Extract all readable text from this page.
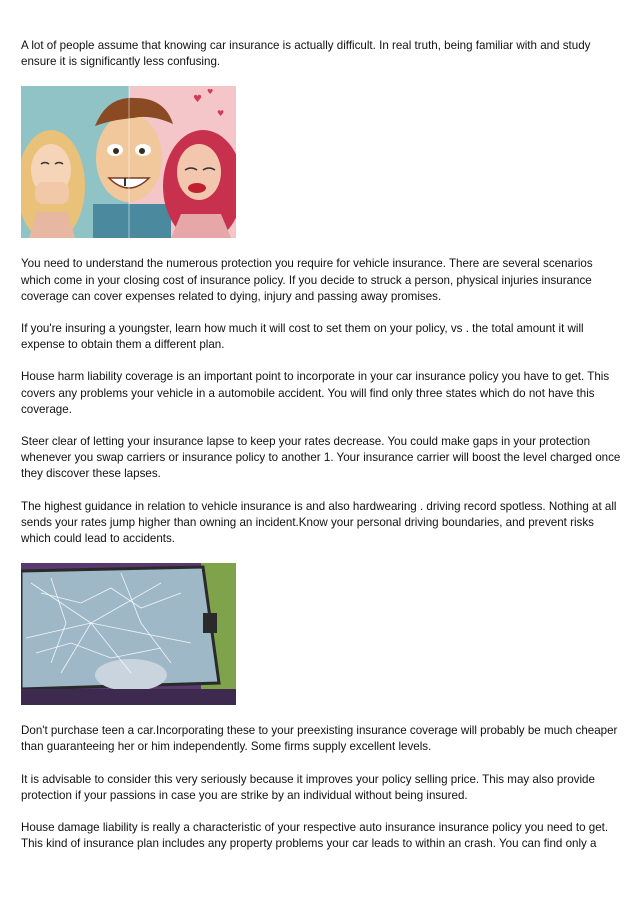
A lot of people assume that knowing car insurance is actually difficult. In real truth, being familiar with and study ensure it is significantly less confusing.

♥
♥
♥

You need to understand the numerous protection you require for vehicle insurance. There are several scenarios which come in your closing cost of insurance policy. If you decide to struck a person, physical injuries insurance coverage can cover expenses related to dying, injury and passing away promises.

If you're insuring a youngster, learn how much it will cost to set them on your policy, vs . the total amount it will expense to obtain them a different plan.

House harm liability coverage is an important point to incorporate in your car insurance policy you have to get. This covers any problems your vehicle in a automobile accident. You will find only three states which do not have this coverage.

Steer clear of letting your insurance lapse to keep your rates decrease. You could make gaps in your protection whenever you swap carriers or insurance policy to another 1. Your insurance carrier will boost the level charged once they discover these lapses.

The highest guidance in relation to vehicle insurance is and also hardwearing . driving record spotless. Nothing at all sends your rates jump higher than owning an incident.Know your personal driving boundaries, and prevent risks which could lead to accidents.

Don't purchase teen a car.Incorporating these to your preexisting insurance coverage will probably be much cheaper than guaranteeing her or him independently. Some firms supply excellent levels.

It is advisable to consider this very seriously because it improves your policy selling price. This may also provide protection if your passions in case you are strike by an individual without being insured.

House damage liability is really a characteristic of your respective auto insurance insurance policy you need to get. This kind of insurance plan includes any property problems your car leads to within an crash. You can find only a
